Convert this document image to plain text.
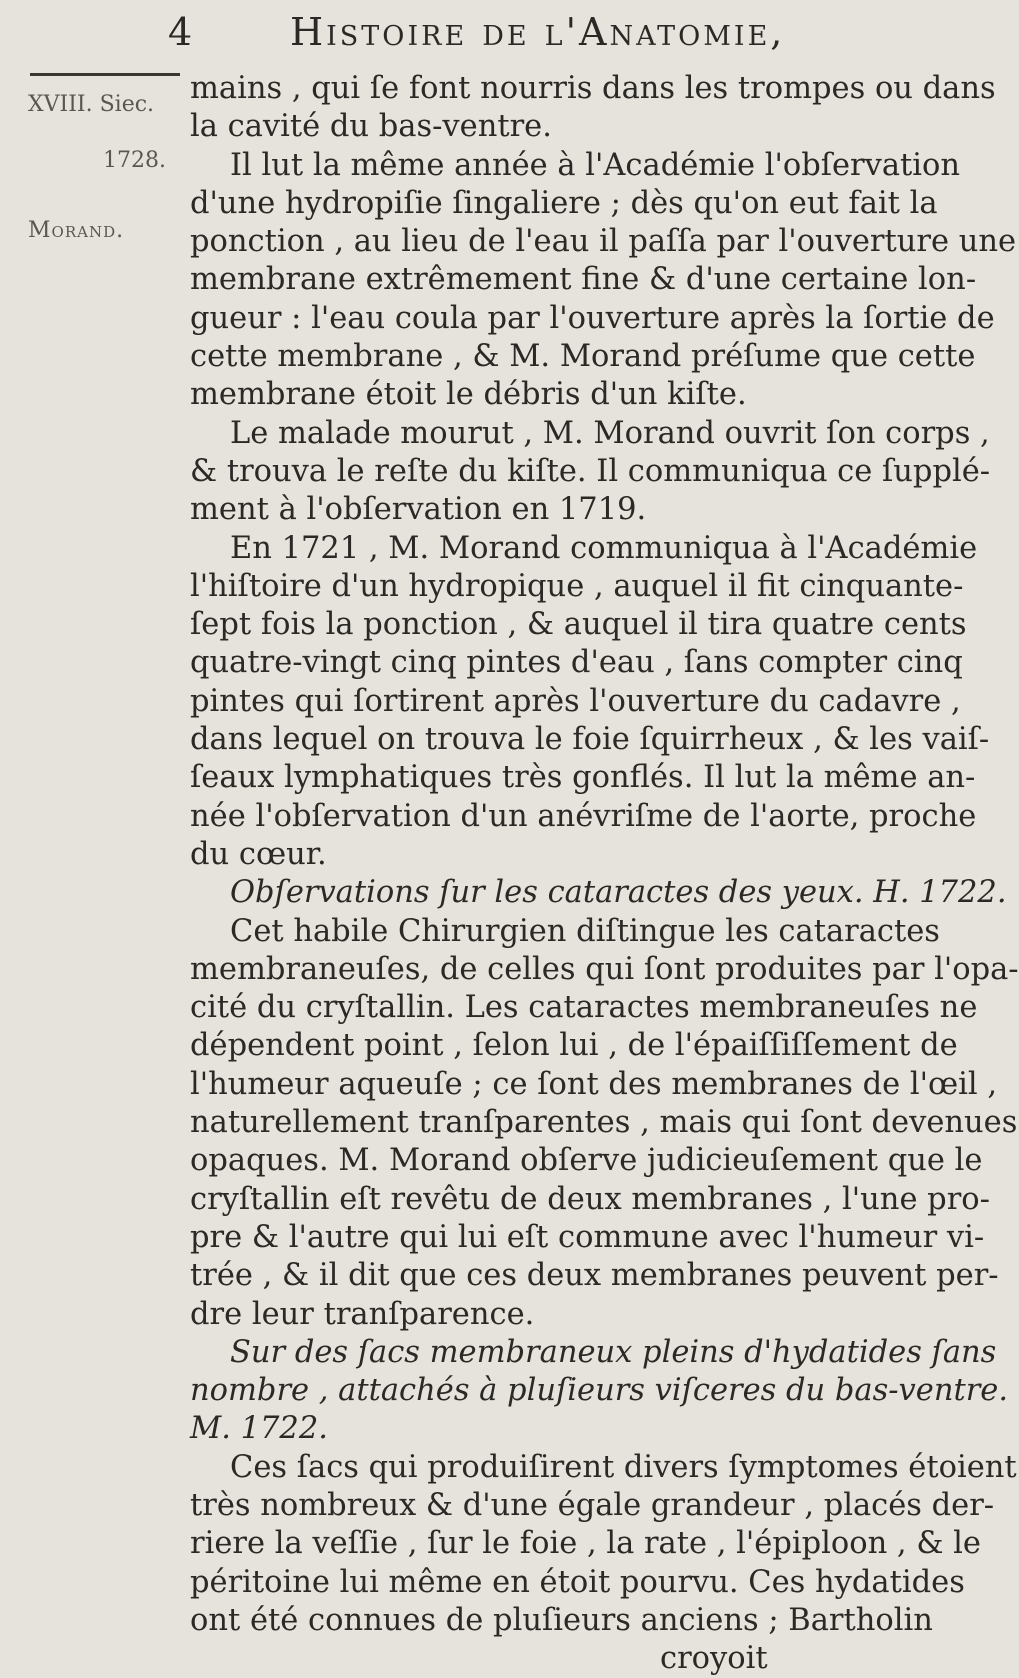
4	Histoire de l'Anatomie,
XVIII. Siec.
1728.
Morand.
mains , qui ſe font nourris dans les trompes ou dans
la cavité du bas-ventre.
Il lut la même année à l'Académie l'obſervation
d'une hydropiſie ſingaliere ; dès qu'on eut fait la
ponction , au lieu de l'eau il paſſa par l'ouverture une
membrane extrêmement fine & d'une certaine lon-
gueur : l'eau coula par l'ouverture après la ſortie de
cette membrane , & M. Morand préſume que cette
membrane étoit le débris d'un kiſte.
Le malade mourut , M. Morand ouvrit ſon corps ,
& trouva le reſte du kiſte. Il communiqua ce ſupplé-
ment à l'obſervation en 1719.
En 1721 , M. Morand communiqua à l'Académie
l'hiſtoire d'un hydropique , auquel il fit cinquante-
ſept fois la ponction , & auquel il tira quatre cents
quatre-vingt cinq pintes d'eau , ſans compter cinq
pintes qui ſortirent après l'ouverture du cadavre ,
dans lequel on trouva le foie ſquirrheux , & les vaiſ-
ſeaux lymphatiques très gonflés. Il lut la même an-
née l'obſervation d'un anévriſme de l'aorte, proche
du cœur.
Obſervations ſur les cataractes des yeux. H. 1722.
Cet habile Chirurgien diſtingue les cataractes
membraneuſes, de celles qui ſont produites par l'opa-
cité du cryſtallin. Les cataractes membraneuſes ne
dépendent point , ſelon lui , de l'épaiſſiſſement de
l'humeur aqueuſe ; ce ſont des membranes de l'œil ,
naturellement tranſparentes , mais qui ſont devenues
opaques. M. Morand obſerve judicieuſement que le
cryſtallin eſt revêtu de deux membranes , l'une pro-
pre & l'autre qui lui eſt commune avec l'humeur vi-
trée , & il dit que ces deux membranes peuvent per-
dre leur tranſparence.
Sur des ſacs membraneux pleins d'hydatides ſans
nombre , attachés à pluſieurs viſceres du bas-ventre.
M. 1722.
Ces ſacs qui produiſirent divers ſymptomes étoient
très nombreux & d'une égale grandeur , placés der-
riere la veſſie , ſur le foie , la rate , l'épiploon , & le
péritoine lui même en étoit pourvu. Ces hydatides
ont été connues de pluſieurs anciens ; Bartholin
croyoit
